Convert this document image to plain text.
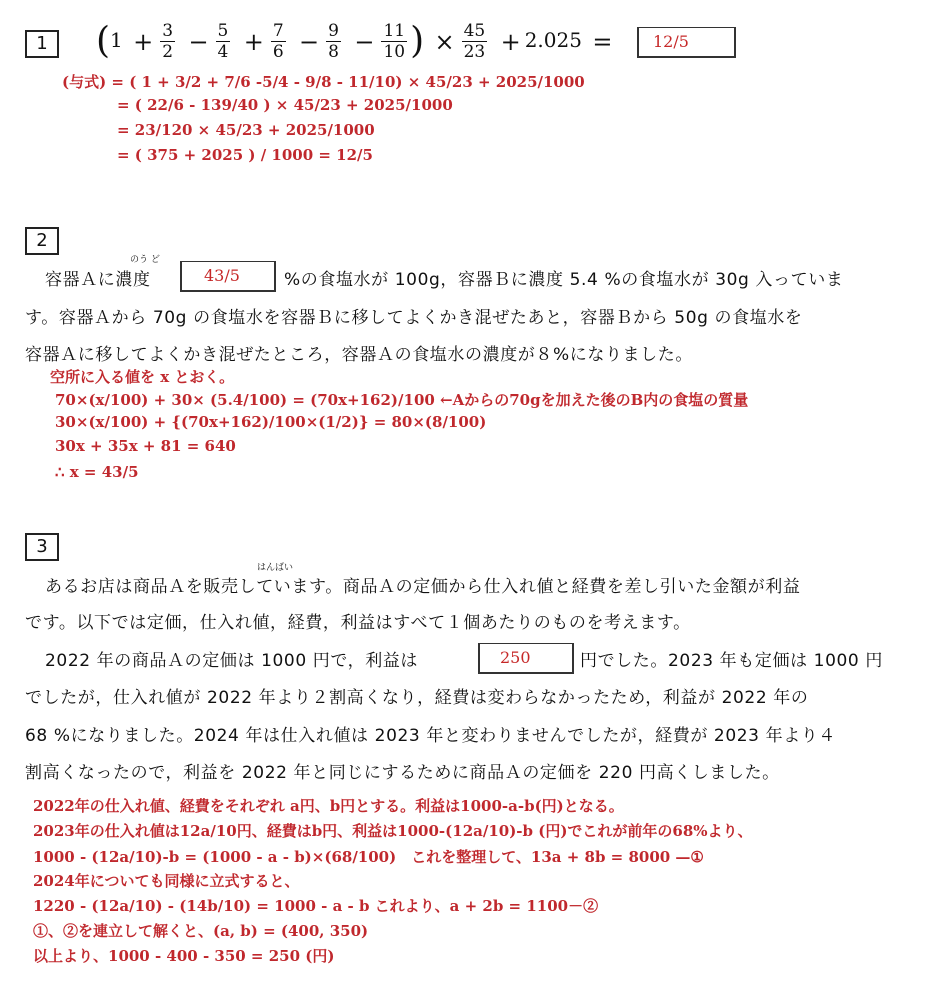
1	($1 + \frac{3}{2} - \frac{5}{4} + \frac{7}{6} - \frac{9}{8} - \frac{11}{10}$ ) × $\frac{45}{23} + 2.025$ =	12/5
(与式) = ( 1 + 3/2 + 7/6 -5/4 - 9/8 - 11/10) × 45/23 + 2025/1000
= ( 22/6 - 139/40 ) × 45/23 + 2025/1000
= 23/120 × 45/23 + 2025/1000
= ( 375 + 2025 ) / 1000 = 12/5
2
のう ど
容器Ａに濃度	43/5	%の食塩水が 100g，容器Ｂに濃度 5.4 %の食塩水が 30g 入っていま
す。容器Ａから 70g の食塩水を容器Ｂに移してよくかき混ぜたあと，容器Ｂから 50g の食塩水を
容器Ａに移してよくかき混ぜたところ，容器Ａの食塩水の濃度が８%になりました。
空所に入る値を x とおく。
70×(x/100) + 30× (5.4/100) = (70x+162)/100 ←Aからの70gを加えた後のB内の食塩の質量
30×(x/100) + {(70x+162)/100×(1/2)} = 80×(8/100)
30x + 35x + 81 = 640
∴ x = 43/5
3
はんばい
あるお店は商品Ａを販売しています。商品Ａの定価から仕入れ値と経費を差し引いた金額が利益
です。以下では定価，仕入れ値，経費，利益はすべて１個あたりのものを考えます。
2022 年の商品Ａの定価は 1000 円で，利益は	250	円でした。2023 年も定価は 1000 円
でしたが，仕入れ値が 2022 年より２割高くなり，経費は変わらなかったため，利益が 2022 年の
68 %になりました。2024 年は仕入れ値は 2023 年と変わりませんでしたが，経費が 2023 年より４
割高くなったので，利益を 2022 年と同じにするために商品Ａの定価を 220 円高くしました。
2022年の仕入れ値、経費をそれぞれ a円、b円とする。利益は1000-a-b(円)となる。
2023年の仕入れ値は12a/10円、経費はb円、利益は1000-(12a/10)-b (円)でこれが前年の68%より、
1000 - (12a/10)-b = (1000 - a - b)×(68/100)　これを整理して、13a + 8b = 8000 —①
2024年についても同様に立式すると、
1220 - (12a/10) - (14b/10) = 1000 - a - b これより、a + 2b = 1100－②
①、②を連立して解くと、(a, b) = (400, 350)
以上より、1000 - 400 - 350 = 250 (円)
